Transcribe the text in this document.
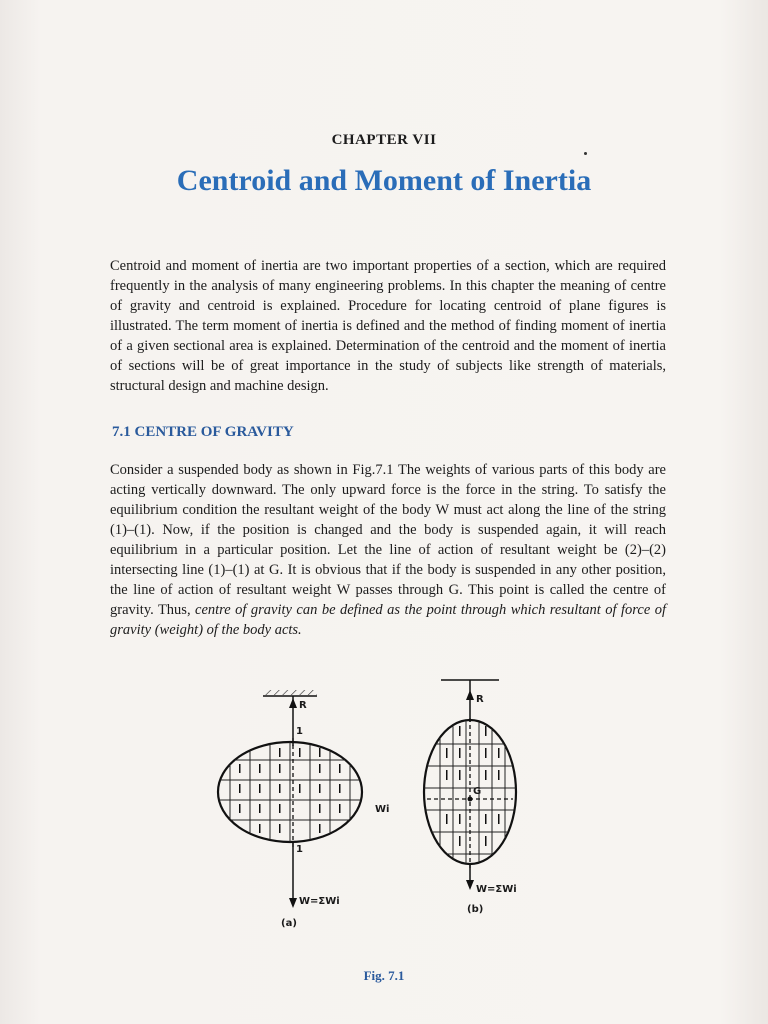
CHAPTER VII
Centroid and Moment of Inertia

Centroid and moment of inertia are two important properties of a section, which are required frequently in the analysis of many engineering problems. In this chapter the meaning of centre of gravity and centroid is explained. Procedure for locating centroid of plane figures is illustrated. The term moment of inertia is defined and the method of finding moment of inertia of a given sectional area is explained. Determination of the centroid and the moment of inertia of sections will be of great importance in the study of subjects like strength of materials, structural design and machine design.

7.1 CENTRE OF GRAVITY

Consider a suspended body as shown in Fig.7.1 The weights of various parts of this body are acting vertically downward. The only upward force is the force in the string. To satisfy the equilibrium condition the resultant weight of the body W must act along the line of the string (1)–(1). Now, if the position is changed and the body is suspended again, it will reach equilibrium in a particular position. Let the line of action of resultant weight be (2)–(2) intersecting line (1)–(1) at G. It is obvious that if the body is suspended in any other position, the line of action of resultant weight W passes through G. This point is called the centre of gravity. Thus, centre of gravity can be defined as the point through which resultant of force of gravity (weight) of the body acts.

R
1
Wi
1
W=ΣWi
(a)
R
G
W=ΣWi
(b)
Fig. 7.1
